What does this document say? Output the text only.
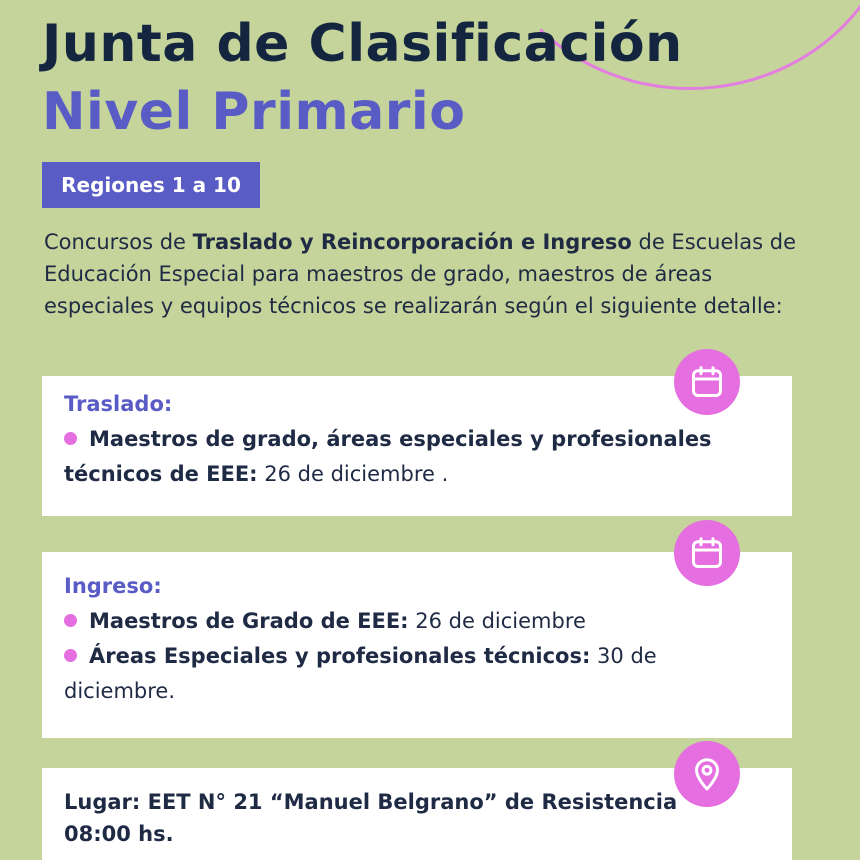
Junta de Clasificación
Nivel Primario
Regiones 1 a 10

Concursos de Traslado y Reincorporación e Ingreso de Escuelas de Educación Especial para maestros de grado, maestros de áreas especiales y equipos técnicos se realizarán según el siguiente detalle:

Traslado:
Maestros de grado, áreas especiales y profesionales técnicos de EEE: 26 de diciembre .
Ingreso:
Maestros de Grado de EEE: 26 de diciembre
Áreas Especiales y profesionales técnicos: 30 de diciembre.
Lugar: EET N° 21 “Manuel Belgrano” de Resistencia
08:00 hs.
